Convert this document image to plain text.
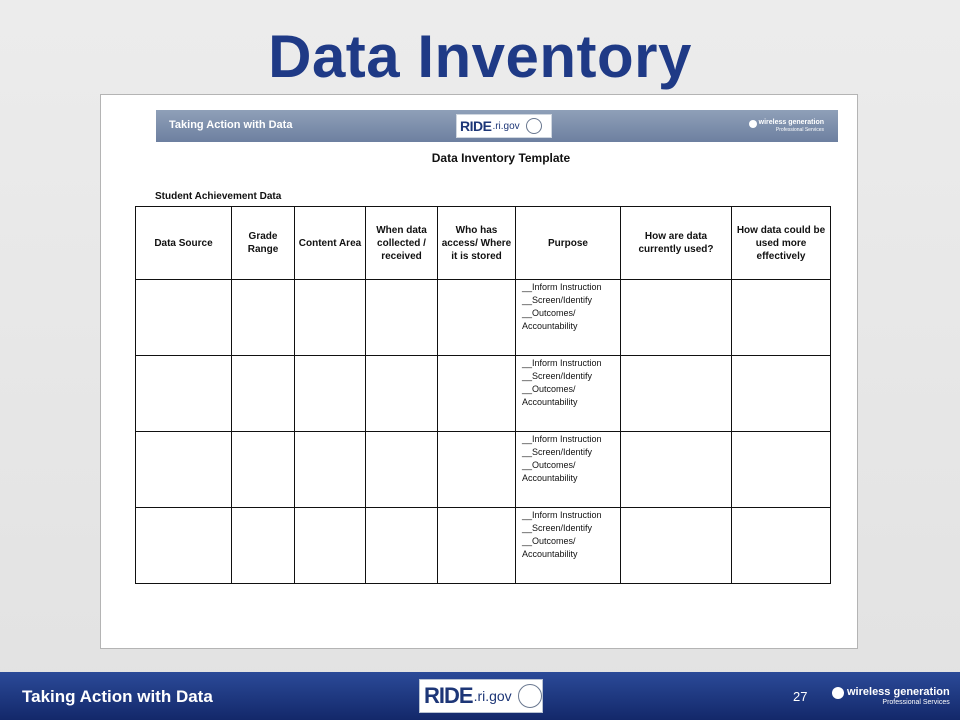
Data Inventory
Taking Action with Data	RIDE .ri.gov	wireless generation
Professional Services
Data Inventory Template
Student Achievement Data
Data Source	Grade Range	Content Area	When data collected / received	Who has access/ Where it is stored	Purpose	How are data currently used?	How data could be used more effectively

					__Inform Instruction
__Screen/Identify
__Outcomes/
Accountability		

					__Inform Instruction
__Screen/Identify
__Outcomes/
Accountability		

					__Inform Instruction
__Screen/Identify
__Outcomes/
Accountability		

					__Inform Instruction
__Screen/Identify
__Outcomes/
Accountability		

Taking Action with Data	RIDE .ri.gov	27	wireless generation
Professional Services
